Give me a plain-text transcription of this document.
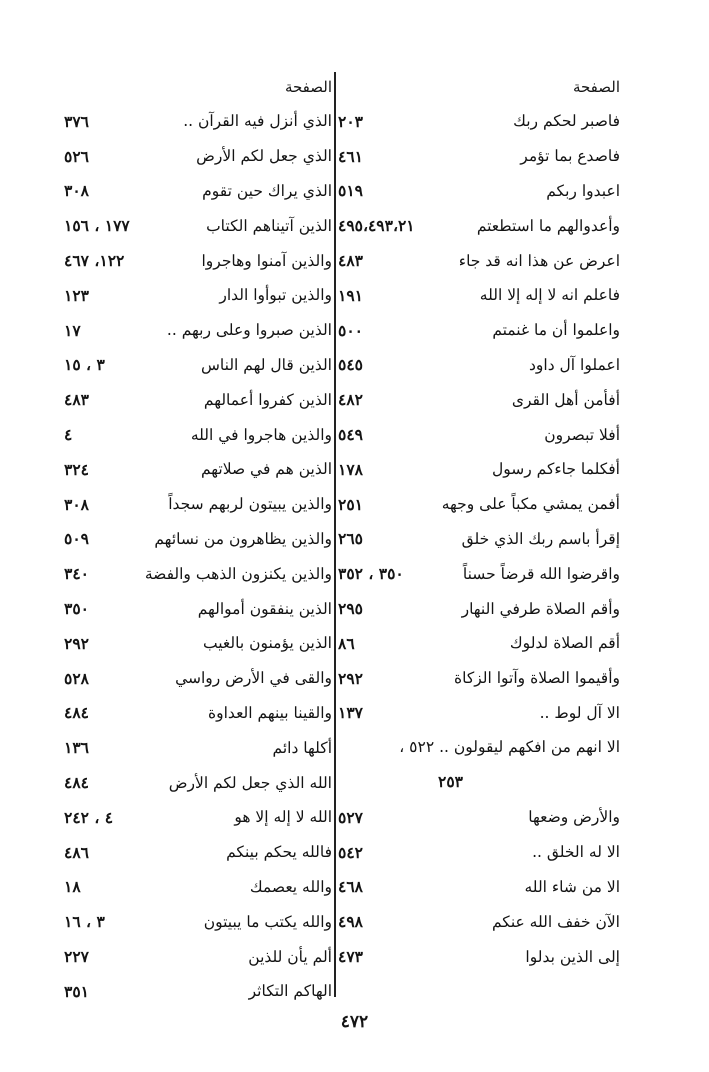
الصفحة
فاصبر لحكم ربك
٢٠٣
فاصدع بما تؤمر
٤٦١
اعبدوا ربكم
٥١٩
وأعدوالهم ما استطعتم
٤٩٥،٤٩٣،٢١
اعرض عن هذا انه قد جاء
٤٨٣
فاعلم انه لا إله إلا الله
١٩١
واعلموا أن ما غنمتم
٥٠٠
اعملوا آل داود
٥٤٥
أفأمن أهل القرى
٤٨٢
أفلا تبصرون
٥٤٩
أفكلما جاءكم رسول
١٧٨
أفمن يمشي مكباً على وجهه
٢٥١
إقرأ باسم ربك الذي خلق
٢٦٥
واقرضوا الله قرضاً حسناً
٣٥٠ ، ٣٥٢
وأقم الصلاة طرفي النهار
٢٩٥
أقم الصلاة لدلوك
٨٦
وأقيموا الصلاة وآتوا الزكاة
٢٩٢
الا آل لوط ..
١٣٧
الا انهم من افكهم ليقولون .. ٥٢٢ ،
٢٥٣
والأرض وضعها
٥٢٧
الا له الخلق ..
٥٤٢
الا من شاء الله
٤٦٨
الآن خفف الله عنكم
٤٩٨
إلى الذين بدلوا
٤٧٣
الصفحة
الذي أنزل فيه القرآن ..
٣٧٦
الذي جعل لكم الأرض
٥٢٦
الذي يراك حين تقوم
٣٠٨
الذين آتيناهم الكتاب
١٧٧ ، ١٥٦
والذين آمنوا وهاجروا
١٢٢، ٤٦٧
والذين تبوأوا الدار
١٢٣
الذين صبروا وعلى ربهم ..
١٧
الذين قال لهم الناس
٣ ، ١٥
الذين كفروا أعمالهم
٤٨٣
والذين هاجروا في الله
٤
الذين هم في صلاتهم
٣٢٤
والذين يبيتون لربهم سجداً
٣٠٨
والذين يظاهرون من نسائهم
٥٠٩
والذين يكنزون الذهب والفضة
٣٤٠
الذين ينفقون أموالهم
٣٥٠
الذين يؤمنون بالغيب
٢٩٢
والقى في الأرض رواسي
٥٢٨
والقينا بينهم العداوة
٤٨٤
أكلها دائم
١٣٦
الله الذي جعل لكم الأرض
٤٨٤
الله لا إله إلا هو
٤ ، ٢٤٢
فالله يحكم بينكم
٤٨٦
والله يعصمك
١٨
والله يكتب ما يبيتون
٣ ، ١٦
ألم يأن للذين
٢٢٧
الهاكم التكاثر
٣٥١
٤٧٢
